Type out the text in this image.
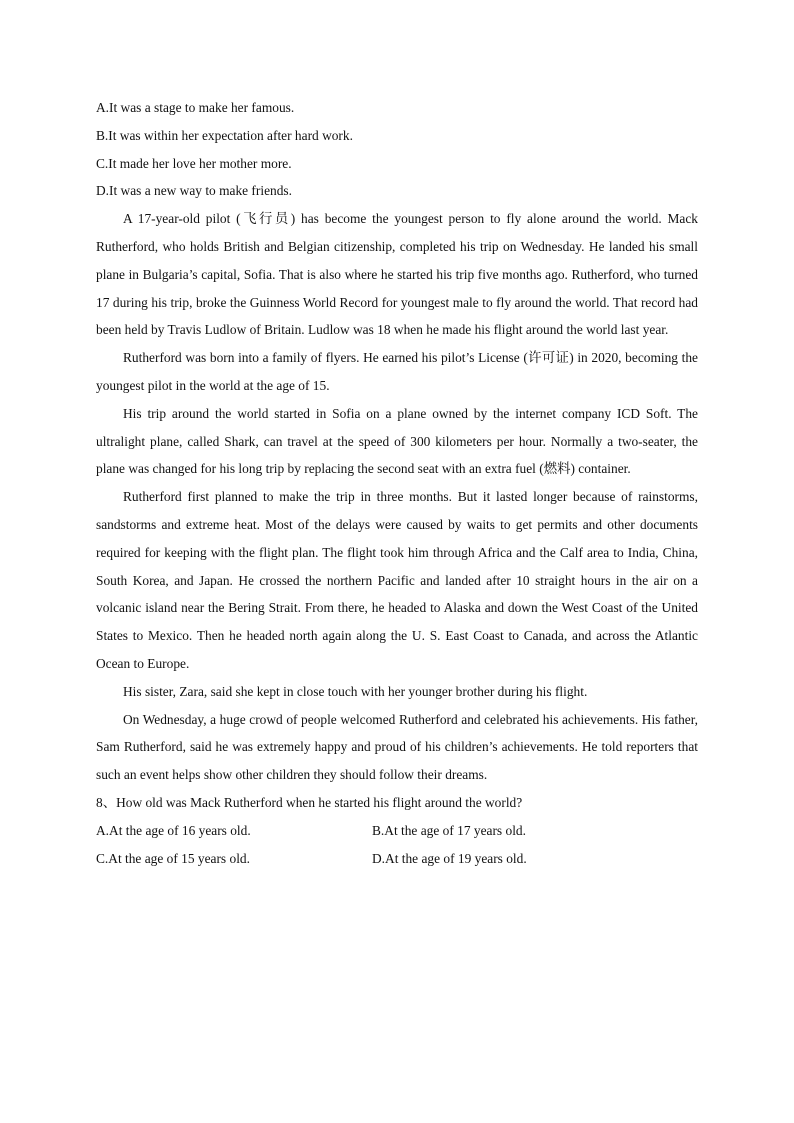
A.It was a stage to make her famous.
B.It was within her expectation after hard work.
C.It made her love her mother more.
D.It was a new way to make friends.

A 17-year-old pilot (飞行员) has become the youngest person to fly alone around the world. Mack Rutherford, who holds British and Belgian citizenship, completed his trip on Wednesday. He landed his small plane in Bulgaria’s capital, Sofia. That is also where he started his trip five months ago. Rutherford, who turned 17 during his trip, broke the Guinness World Record for youngest male to fly around the world. That record had been held by Travis Ludlow of Britain. Ludlow was 18 when he made his flight around the world last year.

Rutherford was born into a family of flyers. He earned his pilot’s License (许可证) in 2020, becoming the youngest pilot in the world at the age of 15.

His trip around the world started in Sofia on a plane owned by the internet company ICD Soft. The ultralight plane, called Shark, can travel at the speed of 300 kilometers per hour. Normally a two-seater, the plane was changed for his long trip by replacing the second seat with an extra fuel (燃料) container.

Rutherford first planned to make the trip in three months. But it lasted longer because of rainstorms, sandstorms and extreme heat. Most of the delays were caused by waits to get permits and other documents required for keeping with the flight plan. The flight took him through Africa and the Calf area to India, China, South Korea, and Japan. He crossed the northern Pacific and landed after 10 straight hours in the air on a volcanic island near the Bering Strait. From there, he headed to Alaska and down the West Coast of the United States to Mexico. Then he headed north again along the U. S. East Coast to Canada, and across the Atlantic Ocean to Europe.

His sister, Zara, said she kept in close touch with her younger brother during his flight.

On Wednesday, a huge crowd of people welcomed Rutherford and celebrated his achievements. His father, Sam Rutherford, said he was extremely happy and proud of his children’s achievements. He told reporters that such an event helps show other children they should follow their dreams.

8、How old was Mack Rutherford when he started his flight around the world?
A.At the age of 16 years old.	B.At the age of 17 years old.
C.At the age of 15 years old.	D.At the age of 19 years old.
